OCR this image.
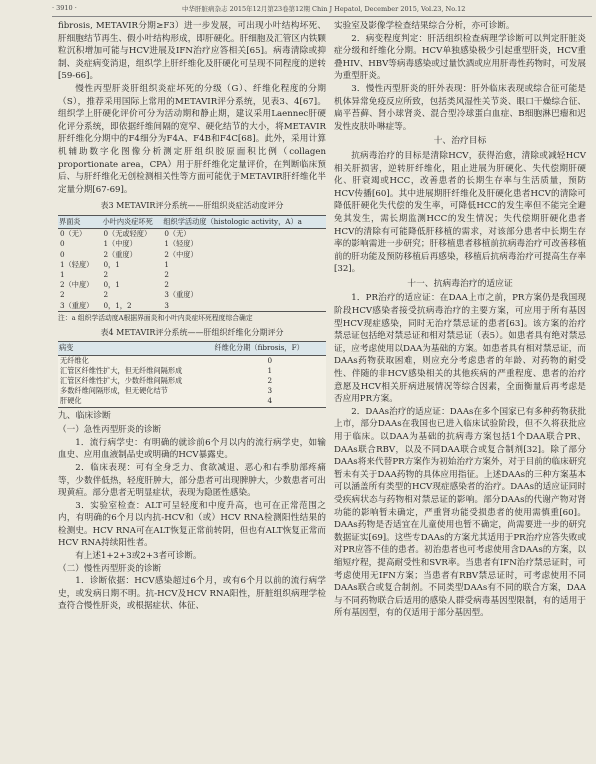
· 3910 ·	中华肝脏病杂志 2015年12月第23卷第12期 Chin J Hepatol, December 2015, Vol.23, No.12

fibrosis, METAVIR分期≥F3）进一步发展，可出现小叶结构坏死、肝细胞结节再生、假小叶结构形成，即肝硬化。肝细胞及汇管区内铁颗粒沉积增加可能与HCV进展及IFN治疗应答相关[65]。病毒清除或抑制、炎症病变消退，组织学上肝纤维化及肝硬化可呈现不同程度的逆转[59-66]。

慢性丙型肝炎肝组织炎症坏死的分级（G）、纤维化程度的分期（S），推荐采用国际上常用的METAVIR评分系统，见表3、4[67]。组织学上肝硬化评价可分为活动期和静止期，建议采用Laennec肝硬化评分系统，即依据纤维间隔的宽窄、硬化结节的大小，将METAVIR肝纤维化分期中的F4细分为F4A、F4B和F4C[68]。此外，采用计算机辅助数字化图像分析测定肝组织胶原面积比例（collagen proportionate area，CPA）用于肝纤维化定量评价，在判断临床预后、与肝纤维化无创检测相关性等方面可能优于METAVIR肝纤维化半定量分期[67-69]。

表3 METAVIR评分系统——肝组织炎症活动度评分
界面炎	小叶内炎症坏死	组织学活动度（histologic activity，A）a
0（无）	0（无或轻度）	0（无）
0	1（中度）	1（轻度）
0	2（重度）	2（中度）
1（轻度）	0，1	1
1	2	2
2（中度）	0，1	2
2	2	3（重度）
3（重度）	0，1，2	3
注：a 组织学活动度A根据界面炎和小叶内炎症坏死程度综合确定
表4 METAVIR评分系统——肝组织纤维化分期评分
病变	纤维化分期（fibrosis，F）
无纤维化	0
汇管区纤维性扩大，但无纤维间隔形成	1
汇管区纤维性扩大，少数纤维间隔形成	2
多数纤维间隔形成，但无硬化结节	3
肝硬化	4
九、临床诊断
（一）急性丙型肝炎的诊断

1．流行病学史：有明确的就诊前6个月以内的流行病学史，如输血史、应用血液制品史或明确的HCV暴露史。

2．临床表现：可有全身乏力、食欲减退、恶心和右季肋部疼痛等，少数伴低热，轻度肝肿大，部分患者可出现脾肿大，少数患者可出现黄疸。部分患者无明显症状，表现为隐匿性感染。

3．实验室检查：ALT可呈轻度和中度升高，也可在正常范围之内，有明确的6个月以内抗-HCV和（或）HCV RNA检测阳性结果的检测史。HCV RNA可在ALT恢复正常前转阴，但也有ALT恢复正常而HCV RNA持续阳性者。

有上述1+2+3或2+3者可诊断。

（二）慢性丙型肝炎的诊断

1．诊断依据：HCV感染超过6个月，或有6个月以前的流行病学史，或发病日期不明。抗-HCV及HCV RNA阳性，肝脏组织病理学检查符合慢性肝炎，或根据症状、体征、

实验室及影像学检查结果综合分析，亦可诊断。

2．病变程度判定：肝活组织检查病理学诊断可以判定肝脏炎症分级和纤维化分期。HCV单独感染极少引起重型肝炎，HCV重叠HIV、HBV等病毒感染或过量饮酒或应用肝毒性药物时，可发展为重型肝炎。

3．慢性丙型肝炎的肝外表现：肝外临床表现或综合征可能是机体异常免疫反应所致，包括类风湿性关节炎、眼口干燥综合征、扁平苔藓、肾小球肾炎、混合型冷球蛋白血症、B细胞淋巴瘤和迟发性皮肤卟啉症等。

十、治疗目标

抗病毒治疗的目标是清除HCV，获得治愈，清除或减轻HCV相关肝损害，逆转肝纤维化，阻止进展为肝硬化、失代偿期肝硬化、肝衰竭或HCC，改善患者的长期生存率与生活质量，预防HCV传播[60]。其中进展期肝纤维化及肝硬化患者HCV的清除可降低肝硬化失代偿的发生率，可降低HCC的发生率但不能完全避免其发生，需长期监测HCC的发生情况；失代偿期肝硬化患者HCV的清除有可能降低肝移植的需求，对该部分患者中长期生存率的影响需进一步研究；肝移植患者移植前抗病毒治疗可改善移植前的肝功能及预防移植后再感染，移植后抗病毒治疗可提高生存率[32]。

十一、抗病毒治疗的适应证

1．PR治疗的适应证：在DAA上市之前，PR方案仍是我国现阶段HCV感染者接受抗病毒治疗的主要方案，可应用于所有基因型HCV现症感染，同时无治疗禁忌证的患者[63]。该方案的治疗禁忌证包括绝对禁忌证和相对禁忌证（表5）。如患者具有绝对禁忌证，应考虑使用以DAA为基础的方案。如患者具有相对禁忌证，而DAAs药物获取困难，则应充分考虑患者的年龄、对药物的耐受性、伴随的非HCV感染相关的其他疾病的严重程度、患者的治疗意愿及HCV相关肝病进展情况等综合因素，全面衡量后再考虑是否应用PR方案。

2．DAAs治疗的适应证：DAAs在多个国家已有多种药物获批上市，部分DAAs在我国也已进入临床试验阶段，但不久将获批应用于临床。以DAA为基础的抗病毒方案包括1个DAA联合PR、DAAs联合RBV，以及不同DAA联合或复合制剂[32]。除了部分DAAs将来代替PR方案作为初始治疗方案外，对于目前的临床研究暂未有关于DAA药物的具体应用指征。上述DAAs的三种方案基本可以涵盖所有类型的HCV现症感染者的治疗。DAAs的适应证同时受疾病状态与药物相对禁忌证的影响。部分DAAs的代谢产物对肾功能的影响暂未确定，严重肾功能受损患者的使用需慎重[60]。DAAs药物是否适宜在儿童使用也暂不确定，尚需要进一步的研究数据证实[69]。这些专DAAs的方案尤其适用于PR治疗应答失败或对PR应答不佳的患者。初治患者也可考虑使用含DAAs的方案，以缩短疗程，提高耐受性和SVR率。当患者有IFN治疗禁忌证时，可考虑使用无IFN方案；当患者有RBV禁忌证时，可考虑使用不同DAAs联合或复合制剂。不同类型DAAs有不同的联合方案，DAA与不同药物联合后适用的感染人群受病毒基因型限制，有的适用于所有基因型，有的仅适用于部分基因型。
